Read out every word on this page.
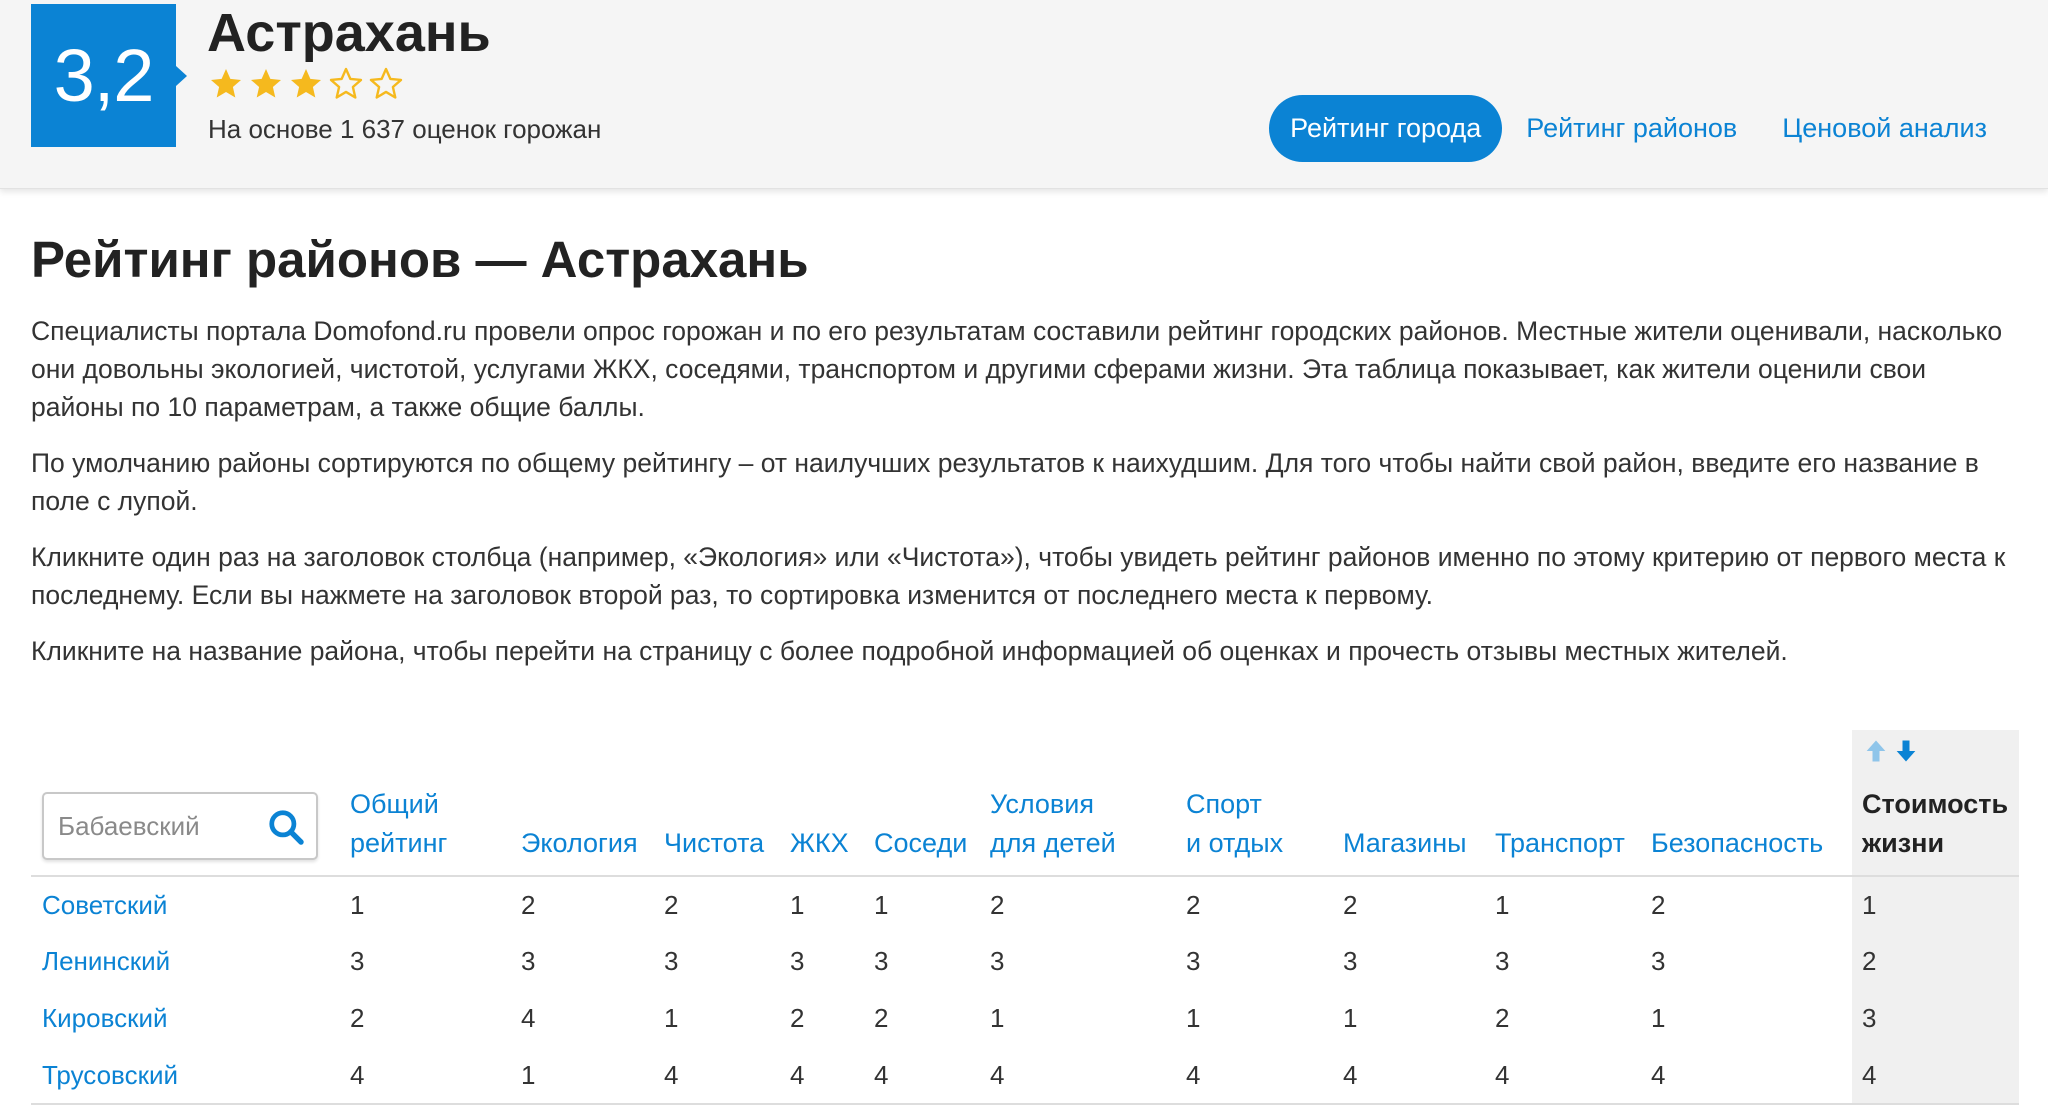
3,2
Астрахань
На основе 1 637 оценок горожан	Рейтинг города	Рейтинг районов	Ценовой анализ
Рейтинг районов — Астрахань

Специалисты портала Domofond.ru провели опрос горожан и по его результатам составили рейтинг городских районов. Местные жители оценивали, насколько они довольны экологией, чистотой, услугами ЖКХ, соседями, транспортом и другими сферами жизни. Эта таблица показывает, как жители оценили свои районы по 10 параметрам, а также общие баллы.

По умолчанию районы сортируются по общему рейтингу – от наилучших результатов к наихудшим. Для того чтобы найти свой район, введите его название в поле с лупой.

Кликните один раз на заголовок столбца (например, «Экология» или «Чистота»), чтобы увидеть рейтинг районов именно по этому критерию от первого места к последнему. Если вы нажмете на заголовок второй раз, то сортировка изменится от последнего места к первому.

Кликните на название района, чтобы перейти на страницу с более подробной информацией об оценках и прочесть отзывы местных жителей.

	Общий
рейтинг	Экология	Чистота	ЖКХ	Соседи	Условия
для детей	Спорт
и отдых	Магазины	Транспорт	Безопасность	Стоимость
жизни

Советский	1	2	2	1	1	2	2	2	1	2	1
Ленинский	3	3	3	3	3	3	3	3	3	3	2
Кировский	2	4	1	2	2	1	1	1	2	1	3
Трусовский	4	1	4	4	4	4	4	4	4	4	4
Бабаевский
